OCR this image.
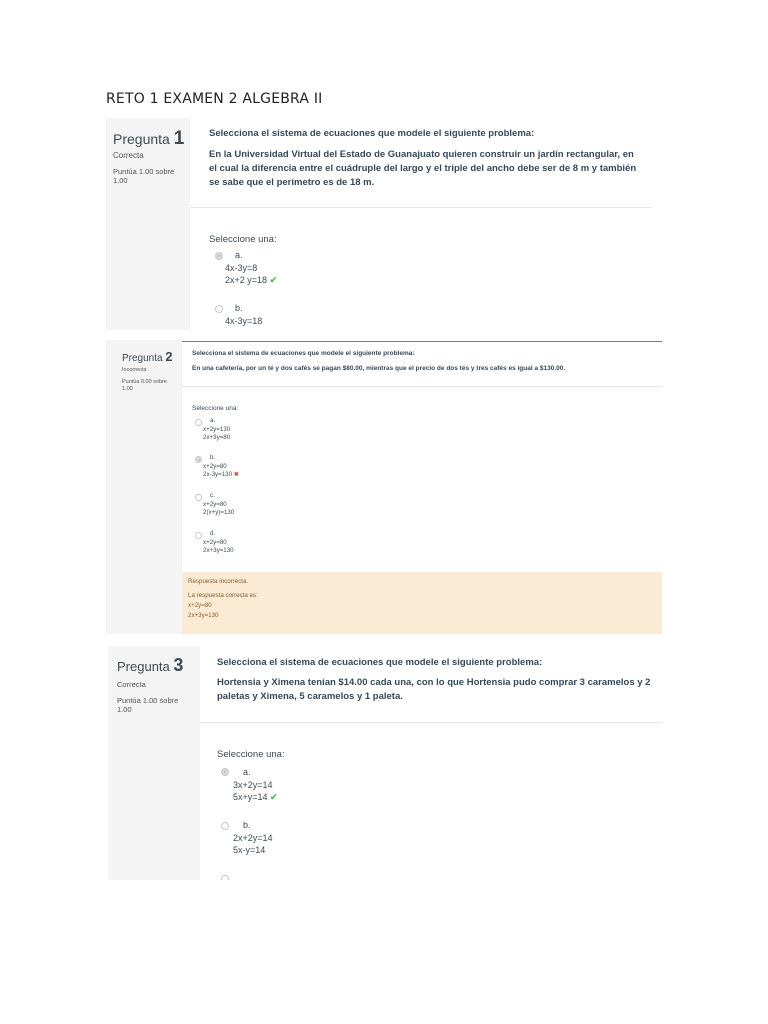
RETO 1 EXAMEN 2 ALGEBRA II
Pregunta 1
Correcta
Puntúa 1.00 sobre 1.00
Selecciona el sistema de ecuaciones que modele el siguiente problema:
En la Universidad Virtual del Estado de Guanajuato quieren construir un jardín rectangular, en el cual la diferencia entre el cuádruple del largo y el triple del ancho debe ser de 8 m y también se sabe que el perímetro es de 18 m.
Seleccione una:
a.
4x-3y=8
2x+2 y=18 ✔
b.
4x-3y=18
Pregunta 2
Incorrecta
Puntúa 0.00 sobre 1.00
Selecciona el sistema de ecuaciones que modele el siguiente problema:
En una cafetería, por un té y dos cafés se pagan $80.00, mientras que el precio de dos tés y tres cafés es igual a $130.00.
Seleccione una:
a.
x+2y=130
2x+3y=80
b.
x+2y=80
2x-3y=130 ✖
c.
x+2y=80
2(x+y)=130
d.
x+2y=80
2x+3y=130
Respuesta incorrecta.
La respuesta correcta es:
x+2y=80
2x+3y=130
Pregunta 3
Correcta
Puntúa 1.00 sobre 1.00
Selecciona el sistema de ecuaciones que modele el siguiente problema:
Hortensia y Ximena tenían $14.00 cada una, con lo que Hortensia pudo comprar 3 caramelos y 2 paletas y Ximena, 5 caramelos y 1 paleta.
Seleccione una:
a.
3x+2y=14
5x+y=14 ✔
b.
2x+2y=14
5x-y=14
